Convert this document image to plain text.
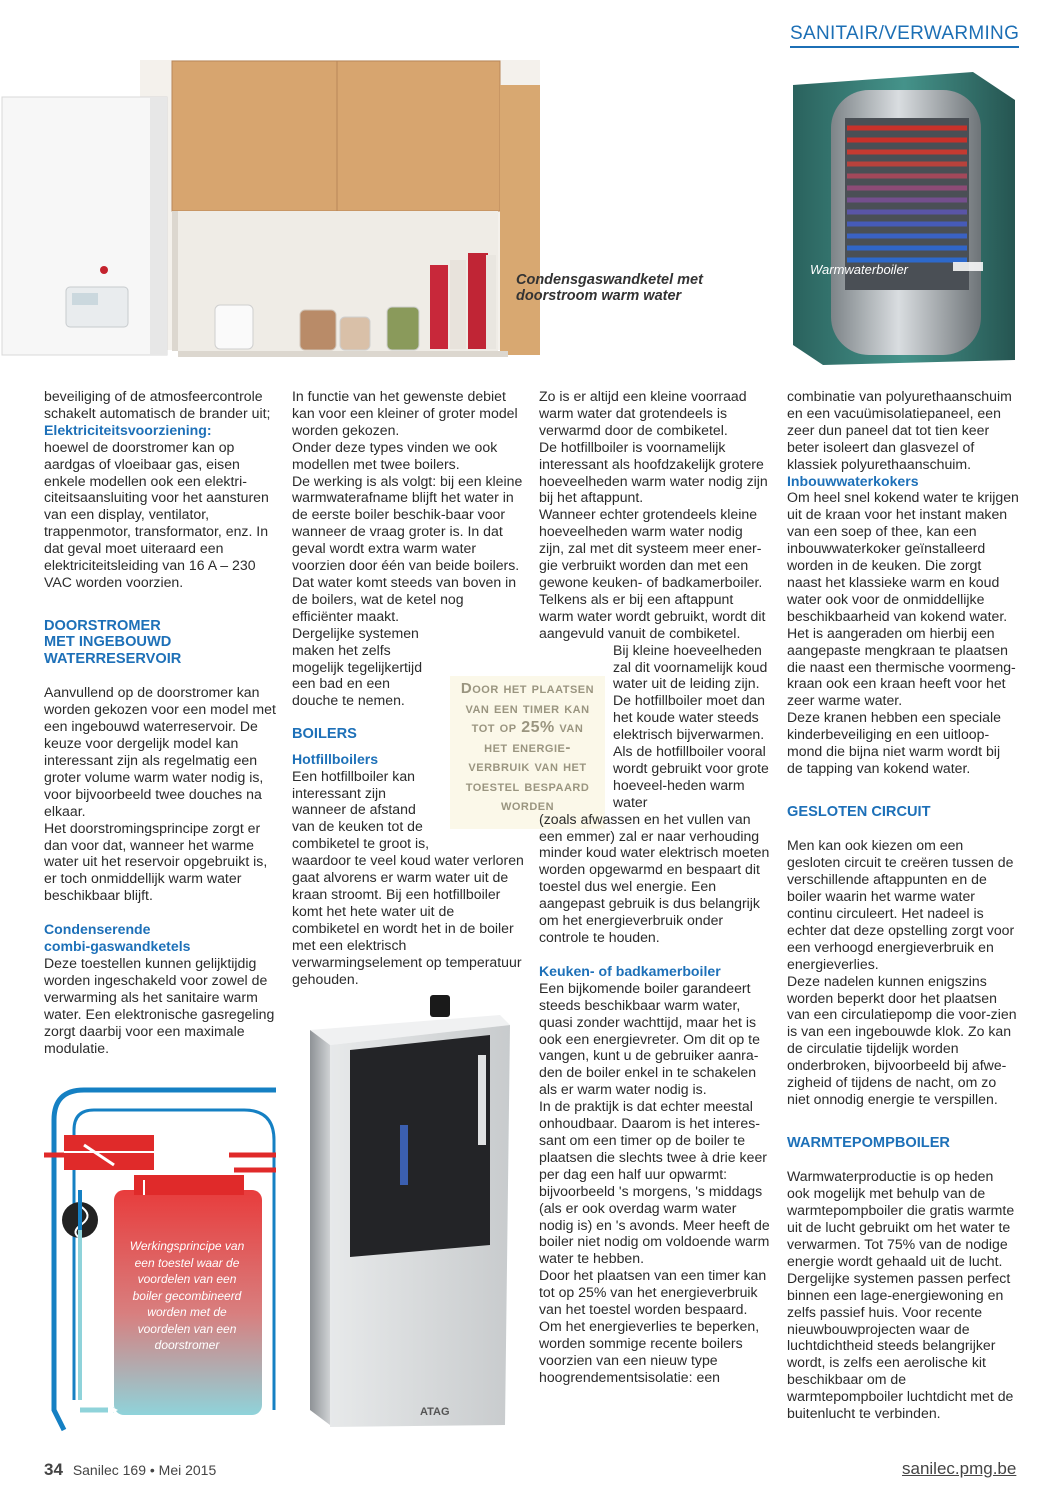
SANITAIR/VERWARMING
Condensgaswandketel met
doorstroom warm water
Warmwaterboiler

beveiliging of de atmosfeercontrole schakelt automatisch de brander uit;

Elektriciteitsvoorziening:

hoewel de doorstromer kan op aardgas of vloeibaar gas, eisen enkele modellen ook een elektri-citeitsaansluiting voor het aansturen van een display, ventilator, trappenmotor, transformator, enz. In dat geval moet uiteraard een elektriciteitsleiding van 16 A – 230 VAC worden voorzien.

DOORSTROMER
MET INGEBOUWD
WATERRESERVOIR

Aanvullend op de doorstromer kan worden gekozen voor een model met een ingebouwd waterreservoir. De keuze voor dergelijk model kan interessant zijn als regelmatig een groter volume warm water nodig is, voor bijvoorbeeld twee douches na elkaar.

Het doorstromingsprincipe zorgt er dan voor dat, wanneer het warme water uit het reservoir opgebruikt is, er toch onmiddellijk warm water beschikbaar blijft.

Condenserende
combi-gaswandketels

Deze toestellen kunnen gelijktijdig worden ingeschakeld voor zowel de verwarming als het sanitaire warm water. Een elektronische gasregeling zorgt daarbij voor een maximale modulatie.

In functie van het gewenste debiet kan voor een kleiner of groter model worden gekozen.

Onder deze types vinden we ook modellen met twee boilers.

De werking is als volgt: bij een kleine warmwaterafname blijft het water in de eerste boiler beschik-baar voor wanneer de vraag groter is. In dat geval wordt extra warm water voorzien door één van beide boilers. Dat water komt steeds van boven in de boilers, wat de ketel nog efficiënter maakt.

Dergelijke systemen maken het zelfs mogelijk tegelijkertijd een bad en een douche te nemen.

BOILERS
Hotfillboilers

Een hotfillboiler kan interessant zijn wanneer de afstand van de keuken tot de combiketel te groot is, waardoor te veel koud water verloren gaat alvorens er warm water uit de kraan stroomt. Bij een hotfillboiler komt het hete water uit de combiketel en wordt het in de boiler met een elektrisch verwarmingselement op temperatuur gehouden.

Door het plaatsen
van een timer kan
tot op 25% van
het energie-
verbruik van het
toestel bespaard
worden

Zo is er altijd een kleine voorraad warm water dat grotendeels is verwarmd door de combiketel.

De hotfillboiler is voornamelijk interessant als hoofdzakelijk grotere hoeveelheden warm water nodig zijn bij het aftappunt.

Wanneer echter grotendeels kleine hoeveelheden warm water nodig zijn, zal met dit systeem meer ener-gie verbruikt worden dan met een gewone keuken- of badkamerboiler. Telkens als er bij een aftappunt warm water wordt gebruikt, wordt dit aangevuld vanuit de combiketel.

Bij kleine hoeveelheden zal dit voornamelijk koud water uit de leiding zijn. De hotfillboiler moet dan het koude water steeds elektrisch bijverwarmen. Als de hotfillboiler vooral wordt gebruikt voor grote hoeveel-heden warm water

(zoals afwassen en het vullen van een emmer) zal er naar verhouding minder koud water elektrisch moeten worden opgewarmd en bespaart dit toestel dus wel energie. Een aangepast gebruik is dus belangrijk om het energieverbruik onder controle te houden.

Keuken- of badkamerboiler

Een bijkomende boiler garandeert steeds beschikbaar warm water, quasi zonder wachttijd, maar het is ook een energievreter. Om dit op te vangen, kunt u de gebruiker aanra-den de boiler enkel in te schakelen als er warm water nodig is.

In de praktijk is dat echter meestal onhoudbaar. Daarom is het interes-sant om een timer op de boiler te plaatsen die slechts twee à drie keer per dag een half uur opwarmt: bijvoorbeeld 's morgens, 's middags (als er ook overdag warm water nodig is) en 's avonds. Meer heeft de boiler niet nodig om voldoende warm water te hebben.

Door het plaatsen van een timer kan tot op 25% van het energieverbruik van het toestel worden bespaard.

Om het energieverlies te beperken, worden sommige recente boilers voorzien van een nieuw type hoogrendementsisolatie: een

combinatie van polyurethaanschuim en een vacuümisolatiepaneel, een zeer dun paneel dat tot tien keer beter isoleert dan glasvezel of klassiek polyurethaanschuim.

Inbouwwaterkokers

Om heel snel kokend water te krijgen uit de kraan voor het instant maken van een soep of thee, kan een inbouwwaterkoker geïnstalleerd worden in de keuken. Die zorgt naast het klassieke warm en koud water ook voor de onmiddellijke beschikbaarheid van kokend water.

Het is aangeraden om hierbij een aangepaste mengkraan te plaatsen die naast een thermische voormeng-kraan ook een kraan heeft voor het zeer warme water.

Deze kranen hebben een speciale kinderbeveiliging en een uitloop-mond die bijna niet warm wordt bij de tapping van kokend water.

GESLOTEN CIRCUIT

Men kan ook kiezen om een gesloten circuit te creëren tussen de verschillende aftappunten en de boiler waarin het warme water continu circuleert. Het nadeel is echter dat deze opstelling zorgt voor een verhoogd energieverbruik en energieverlies.

Deze nadelen kunnen enigszins worden beperkt door het plaatsen van een circulatiepomp die voor-zien is van een ingebouwde klok. Zo kan de circulatie tijdelijk worden onderbroken, bijvoorbeeld bij afwe-zigheid of tijdens de nacht, om zo niet onnodig energie te verspillen.

WARMTEPOMPBOILER

Warmwaterproductie is op heden ook mogelijk met behulp van de warmtepompboiler die gratis warmte uit de lucht gebruikt om het water te verwarmen. Tot 75% van de nodige energie wordt gehaald uit de lucht. Dergelijke systemen passen perfect binnen een lage-energiewoning en zelfs passief huis. Voor recente nieuwbouwprojecten waar de luchtdichtheid steeds belangrijker wordt, is zelfs een aerolische kit beschikbaar om de warmtepompboiler luchtdicht met de buitenlucht te verbinden.

Werkingsprincipe van een toestel waar de voordelen van een boiler gecombineerd worden met de voordelen van een doorstromer
ATAG
34 Sanilec 169 • Mei 2015	sanilec.pmg.be
